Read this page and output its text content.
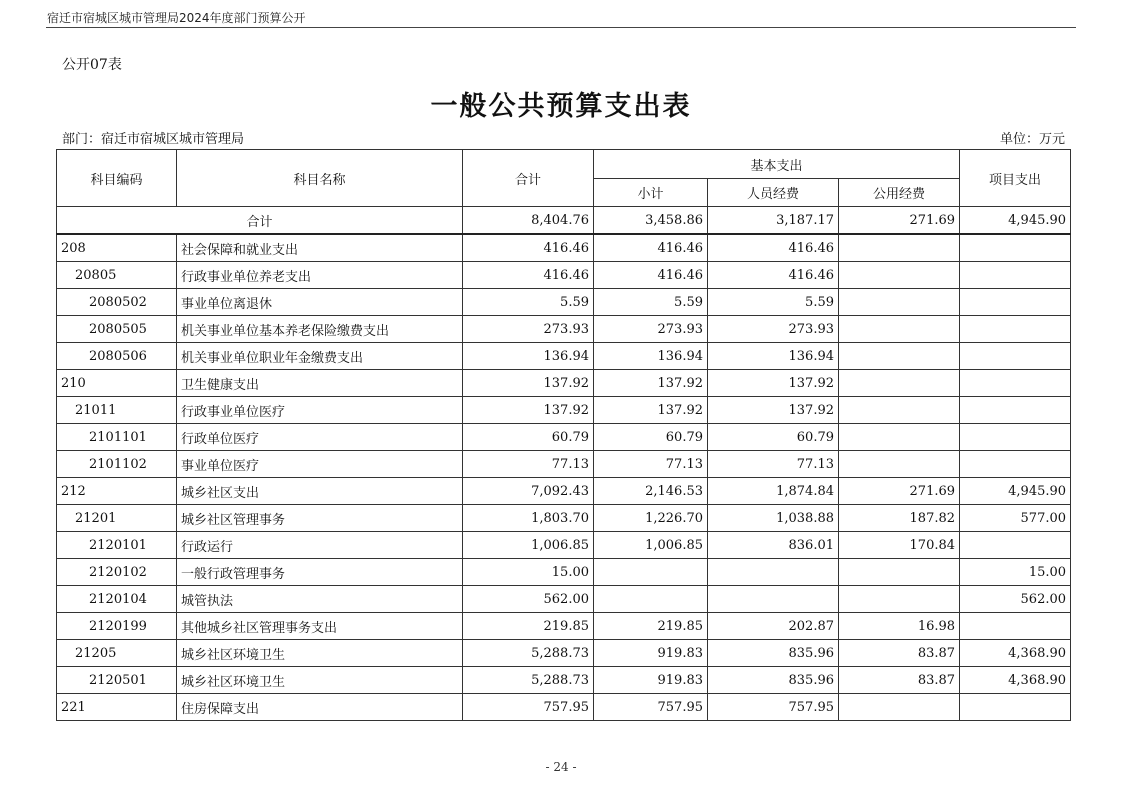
宿迁市宿城区城市管理局2024年度部门预算公开
公开07表
一般公共预算支出表
部门：宿迁市宿城区城市管理局	单位：万元
科目编码	科目名称	合计	基本支出			项目支出
			小计	人员经费	公用经费	
合计		8,404.76	3,458.86	3,187.17	271.69	4,945.90
208	社会保障和就业支出	416.46	416.46	416.46		
20805	行政事业单位养老支出	416.46	416.46	416.46		
2080502	事业单位离退休	5.59	5.59	5.59		
2080505	机关事业单位基本养老保险缴费支出	273.93	273.93	273.93		
2080506	机关事业单位职业年金缴费支出	136.94	136.94	136.94		
210	卫生健康支出	137.92	137.92	137.92		
21011	行政事业单位医疗	137.92	137.92	137.92		
2101101	行政单位医疗	60.79	60.79	60.79		
2101102	事业单位医疗	77.13	77.13	77.13		
212	城乡社区支出	7,092.43	2,146.53	1,874.84	271.69	4,945.90
21201	城乡社区管理事务	1,803.70	1,226.70	1,038.88	187.82	577.00
2120101	行政运行	1,006.85	1,006.85	836.01	170.84	
2120102	一般行政管理事务	15.00				15.00
2120104	城管执法	562.00				562.00
2120199	其他城乡社区管理事务支出	219.85	219.85	202.87	16.98	
21205	城乡社区环境卫生	5,288.73	919.83	835.96	83.87	4,368.90
2120501	城乡社区环境卫生	5,288.73	919.83	835.96	83.87	4,368.90
221	住房保障支出	757.95	757.95	757.95		
- 24 -
